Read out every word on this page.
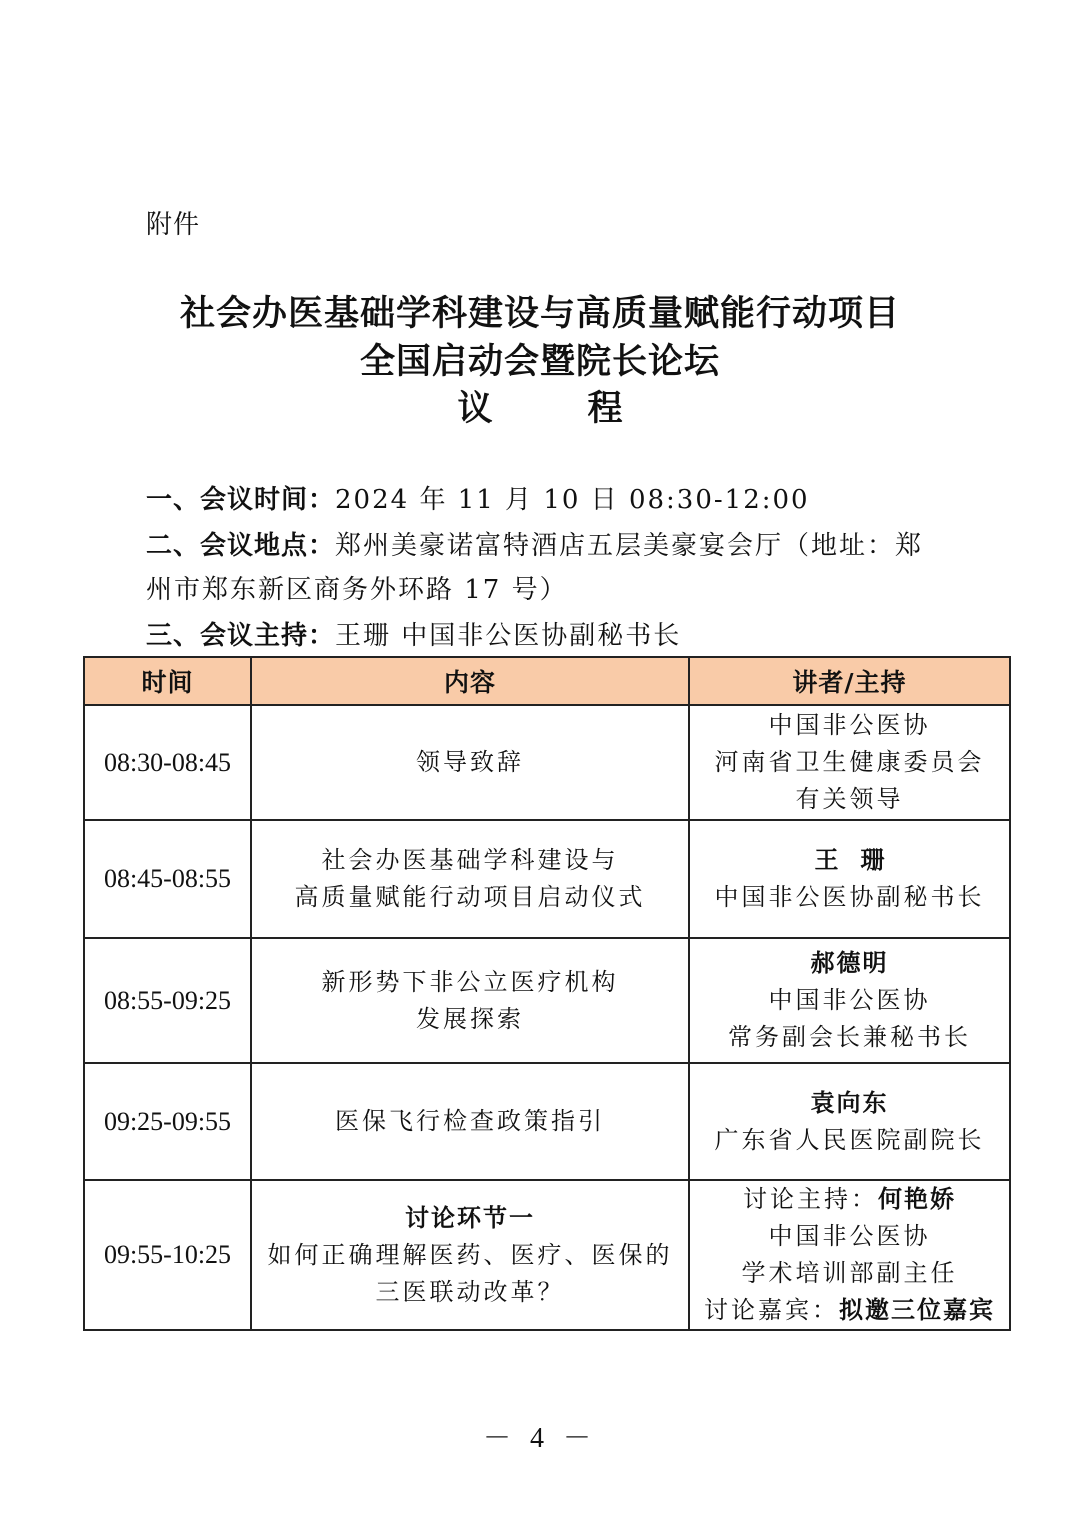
附件
社会办医基础学科建设与高质量赋能行动项目
全国启动会暨院长论坛
议　程
一、会议时间：2024 年 11 月 10 日 08:30-12:00
二、会议地点：郑州美豪诺富特酒店五层美豪宴会厅（地址：郑
州市郑东新区商务外环路 17 号）
三、会议主持：王珊 中国非公医协副秘书长
时间	内容	讲者/主持
08:30-08:45	领导致辞	中国非公医协
河南省卫生健康委员会
有关领导

08:45-08:55	社会办医基础学科建设与
高质量赋能行动项目启动仪式	王珊
中国非公医协副秘书长

08:55-09:25	新形势下非公立医疗机构
发展探索	郝德明
中国非公医协
常务副会长兼秘书长

09:25-09:55	医保飞行检查政策指引	袁向东
广东省人民医院副院长

09:55-10:25	讨论环节一
如何正确理解医药、医疗、医保的
三医联动改革？	讨论主持：何艳娇
中国非公医协
学术培训部副主任
讨论嘉宾：拟邀三位嘉宾
－ 4 －
